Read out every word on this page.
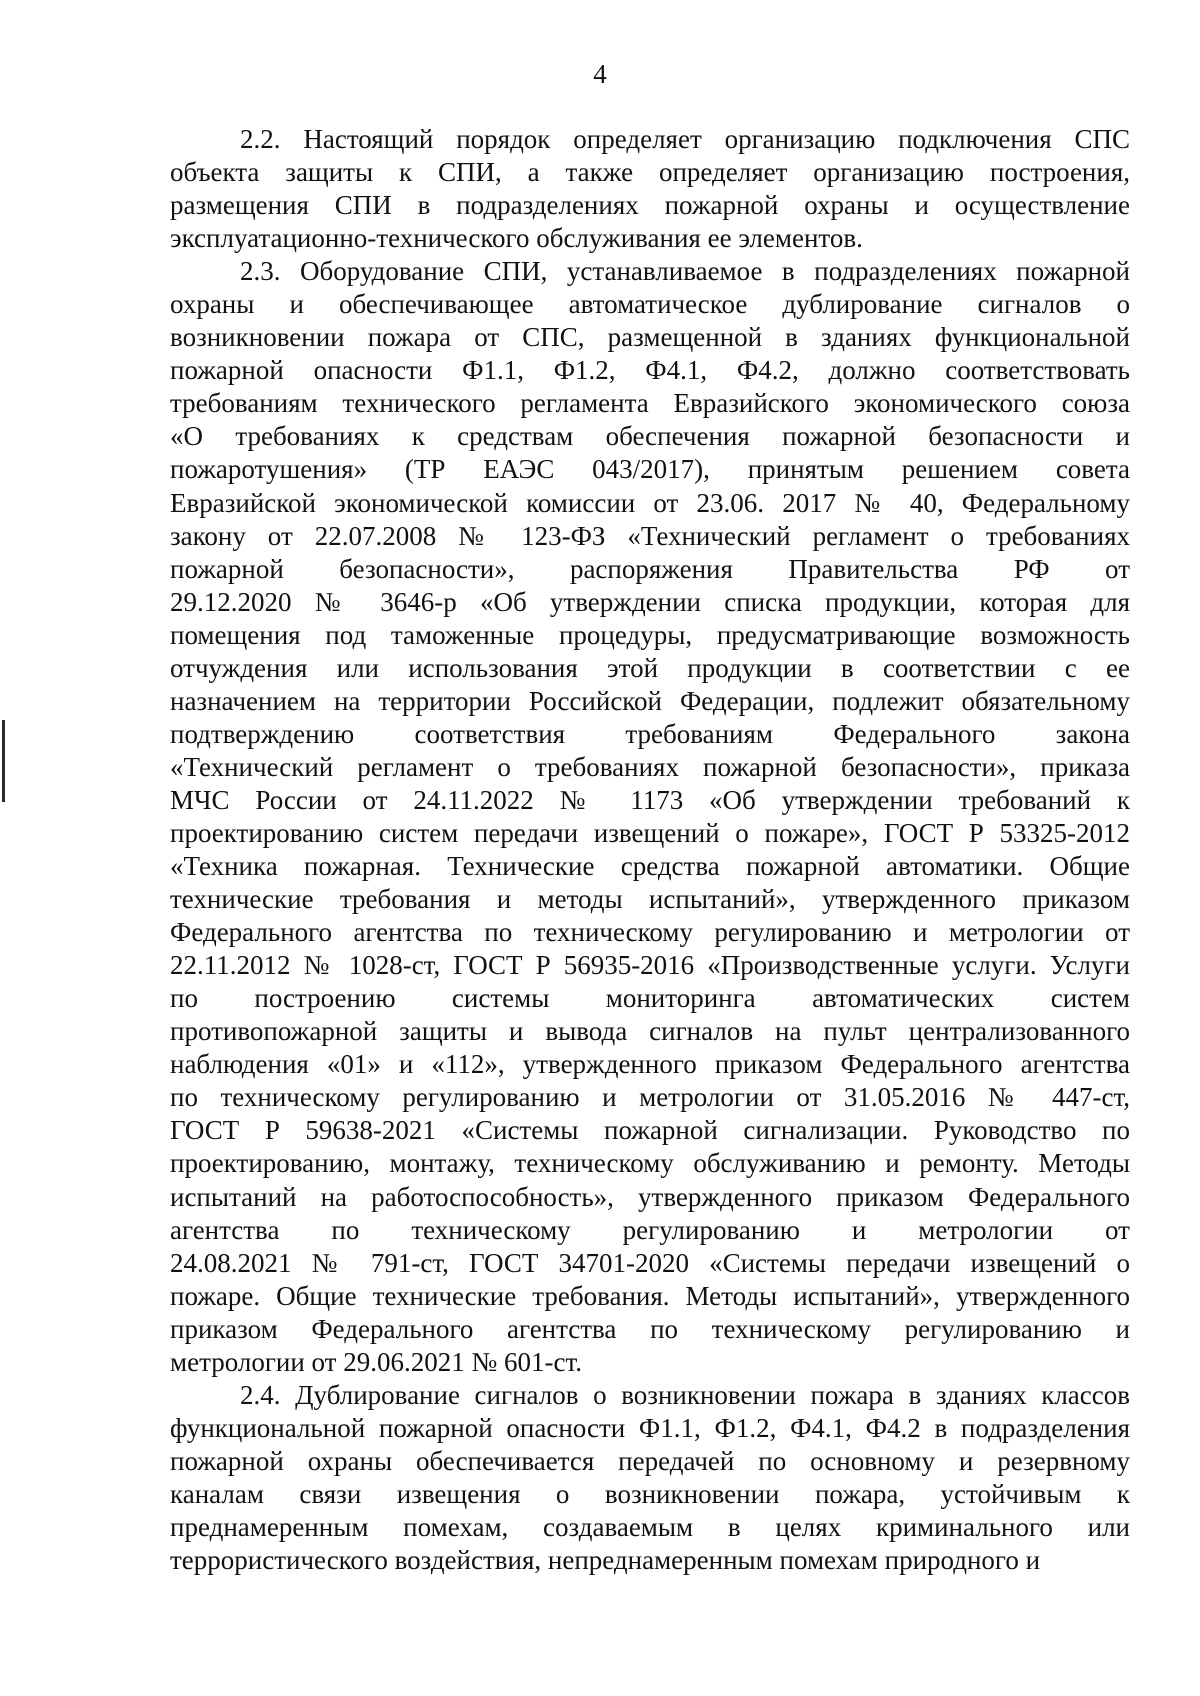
4
2.2. Настоящий порядок определяет организацию подключения СПС
объекта защиты к СПИ, а также определяет организацию построения,
размещения СПИ в подразделениях пожарной охраны и осуществление
эксплуатационно-технического обслуживания ее элементов.
2.3. Оборудование СПИ, устанавливаемое в подразделениях пожарной
охраны и обеспечивающее автоматическое дублирование сигналов о
возникновении пожара от СПС, размещенной в зданиях функциональной
пожарной опасности Ф1.1, Ф1.2, Ф4.1, Ф4.2, должно соответствовать
требованиям технического регламента Евразийского экономического союза
«О требованиях к средствам обеспечения пожарной безопасности и
пожаротушения» (ТР ЕАЭС 043/2017), принятым решением совета
Евразийской экономической комиссии от 23.06. 2017 № 40, Федеральному
закону от 22.07.2008 № 123-ФЗ «Технический регламент о требованиях
пожарной безопасности», распоряжения Правительства РФ от
29.12.2020 № 3646-р «Об утверждении списка продукции, которая для
помещения под таможенные процедуры, предусматривающие возможность
отчуждения или использования этой продукции в соответствии с ее
назначением на территории Российской Федерации, подлежит обязательному
подтверждению соответствия требованиям Федерального закона
«Технический регламент о требованиях пожарной безопасности», приказа
МЧС России от 24.11.2022 № 1173 «Об утверждении требований к
проектированию систем передачи извещений о пожаре», ГОСТ Р 53325-2012
«Техника пожарная. Технические средства пожарной автоматики. Общие
технические требования и методы испытаний», утвержденного приказом
Федерального агентства по техническому регулированию и метрологии от
22.11.2012 № 1028-ст, ГОСТ Р 56935-2016 «Производственные услуги. Услуги
по построению системы мониторинга автоматических систем
противопожарной защиты и вывода сигналов на пульт централизованного
наблюдения «01» и «112», утвержденного приказом Федерального агентства
по техническому регулированию и метрологии от 31.05.2016 № 447-ст,
ГОСТ Р 59638-2021 «Системы пожарной сигнализации. Руководство по
проектированию, монтажу, техническому обслуживанию и ремонту. Методы
испытаний на работоспособность», утвержденного приказом Федерального
агентства по техническому регулированию и метрологии от
24.08.2021 № 791-ст, ГОСТ 34701-2020 «Системы передачи извещений о
пожаре. Общие технические требования. Методы испытаний», утвержденного
приказом Федерального агентства по техническому регулированию и
метрологии от 29.06.2021 № 601-ст.
2.4. Дублирование сигналов о возникновении пожара в зданиях классов
функциональной пожарной опасности Ф1.1, Ф1.2, Ф4.1, Ф4.2 в подразделения
пожарной охраны обеспечивается передачей по основному и резервному
каналам связи извещения о возникновении пожара, устойчивым к
преднамеренным помехам, создаваемым в целях криминального или
террористического воздействия, непреднамеренным помехам природного и
